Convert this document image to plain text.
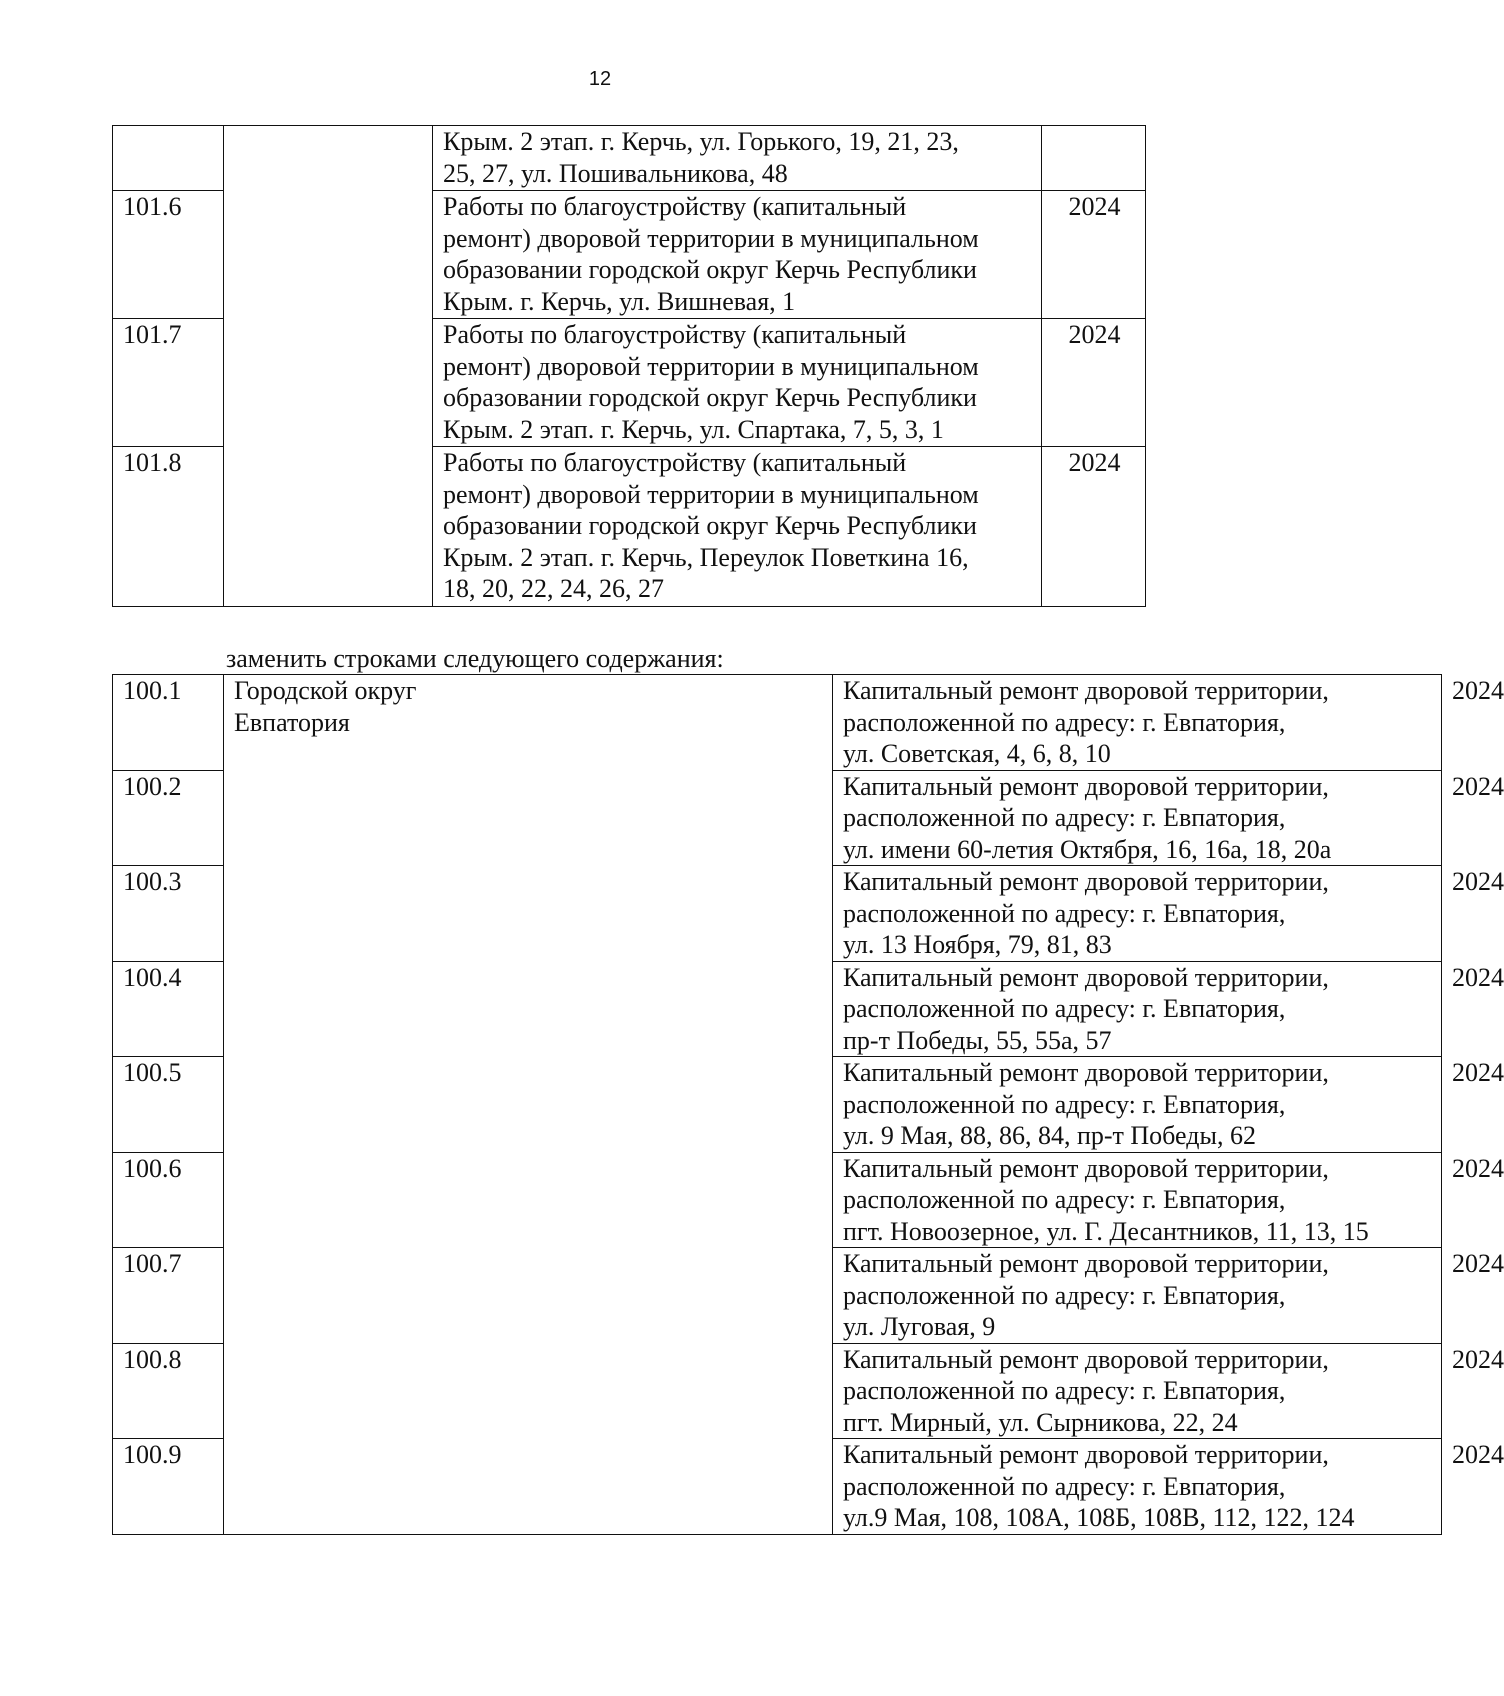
12
		Крым. 2 этап. г. Керчь, ул. Горького, 19, 21, 23,
25, 27, ул. Пошивальникова, 48	
101.6		Работы по благоустройству (капитальный
ремонт) дворовой территории в муниципальном
образовании городской округ Керчь Республики
Крым. г. Керчь, ул. Вишневая, 1	2024
101.7		Работы по благоустройству (капитальный
ремонт) дворовой территории в муниципальном
образовании городской округ Керчь Республики
Крым. 2 этап. г. Керчь, ул. Спартака, 7, 5, 3, 1	2024
101.8		Работы по благоустройству (капитальный
ремонт) дворовой территории в муниципальном
образовании городской округ Керчь Республики
Крым. 2 этап. г. Керчь, Переулок Поветкина 16,
18, 20, 22, 24, 26, 27	2024
заменить строками следующего содержания:
100.1	Городской округ
Евпатория	Капитальный ремонт дворовой территории,
расположенной по адресу: г. Евпатория,
ул. Советская, 4, 6, 8, 10	2024
100.2		Капитальный ремонт дворовой территории,
расположенной по адресу: г. Евпатория,
ул. имени 60-летия Октября, 16, 16а, 18, 20а	2024
100.3		Капитальный ремонт дворовой территории,
расположенной по адресу: г. Евпатория,
ул. 13 Ноября, 79, 81, 83	2024
100.4		Капитальный ремонт дворовой территории,
расположенной по адресу: г. Евпатория,
пр-т Победы, 55, 55а, 57	2024
100.5		Капитальный ремонт дворовой территории,
расположенной по адресу: г. Евпатория,
ул. 9 Мая, 88, 86, 84, пр-т Победы, 62	2024
100.6		Капитальный ремонт дворовой территории,
расположенной по адресу: г. Евпатория,
пгт. Новоозерное, ул. Г. Десантников, 11, 13, 15	2024
100.7		Капитальный ремонт дворовой территории,
расположенной по адресу: г. Евпатория,
ул. Луговая, 9	2024
100.8		Капитальный ремонт дворовой территории,
расположенной по адресу: г. Евпатория,
пгт. Мирный, ул. Сырникова, 22, 24	2024
100.9		Капитальный ремонт дворовой территории,
расположенной по адресу: г. Евпатория,
ул.9 Мая, 108, 108А, 108Б, 108В, 112, 122, 124	2024
